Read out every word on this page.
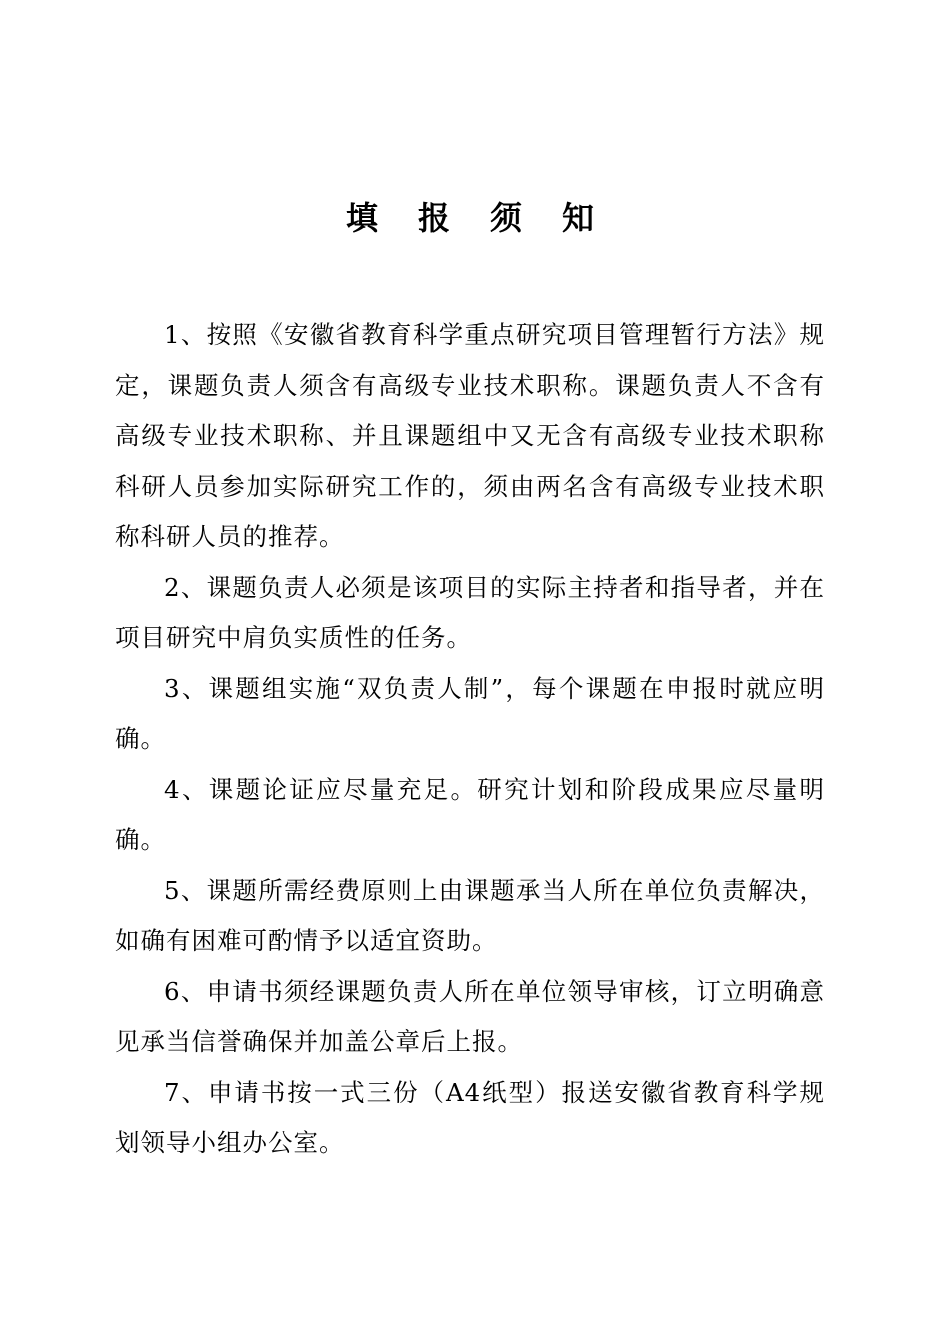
填报须知

1、按照《安徽省教育科学重点研究项目管理暂行方法》规定，课题负责人须含有高级专业技术职称。课题负责人不含有高级专业技术职称、并且课题组中又无含有高级专业技术职称科研人员参加实际研究工作的，须由两名含有高级专业技术职称科研人员的推荐。

2、课题负责人必须是该项目的实际主持者和指导者，并在项目研究中肩负实质性的任务。

3、课题组实施“双负责人制”，每个课题在申报时就应明确。

4、课题论证应尽量充足。研究计划和阶段成果应尽量明确。

5、课题所需经费原则上由课题承当人所在单位负责解决，如确有困难可酌情予以适宜资助。

6、申请书须经课题负责人所在单位领导审核，订立明确意见承当信誉确保并加盖公章后上报。

7、申请书按一式三份（A4纸型）报送安徽省教育科学规划领导小组办公室。
